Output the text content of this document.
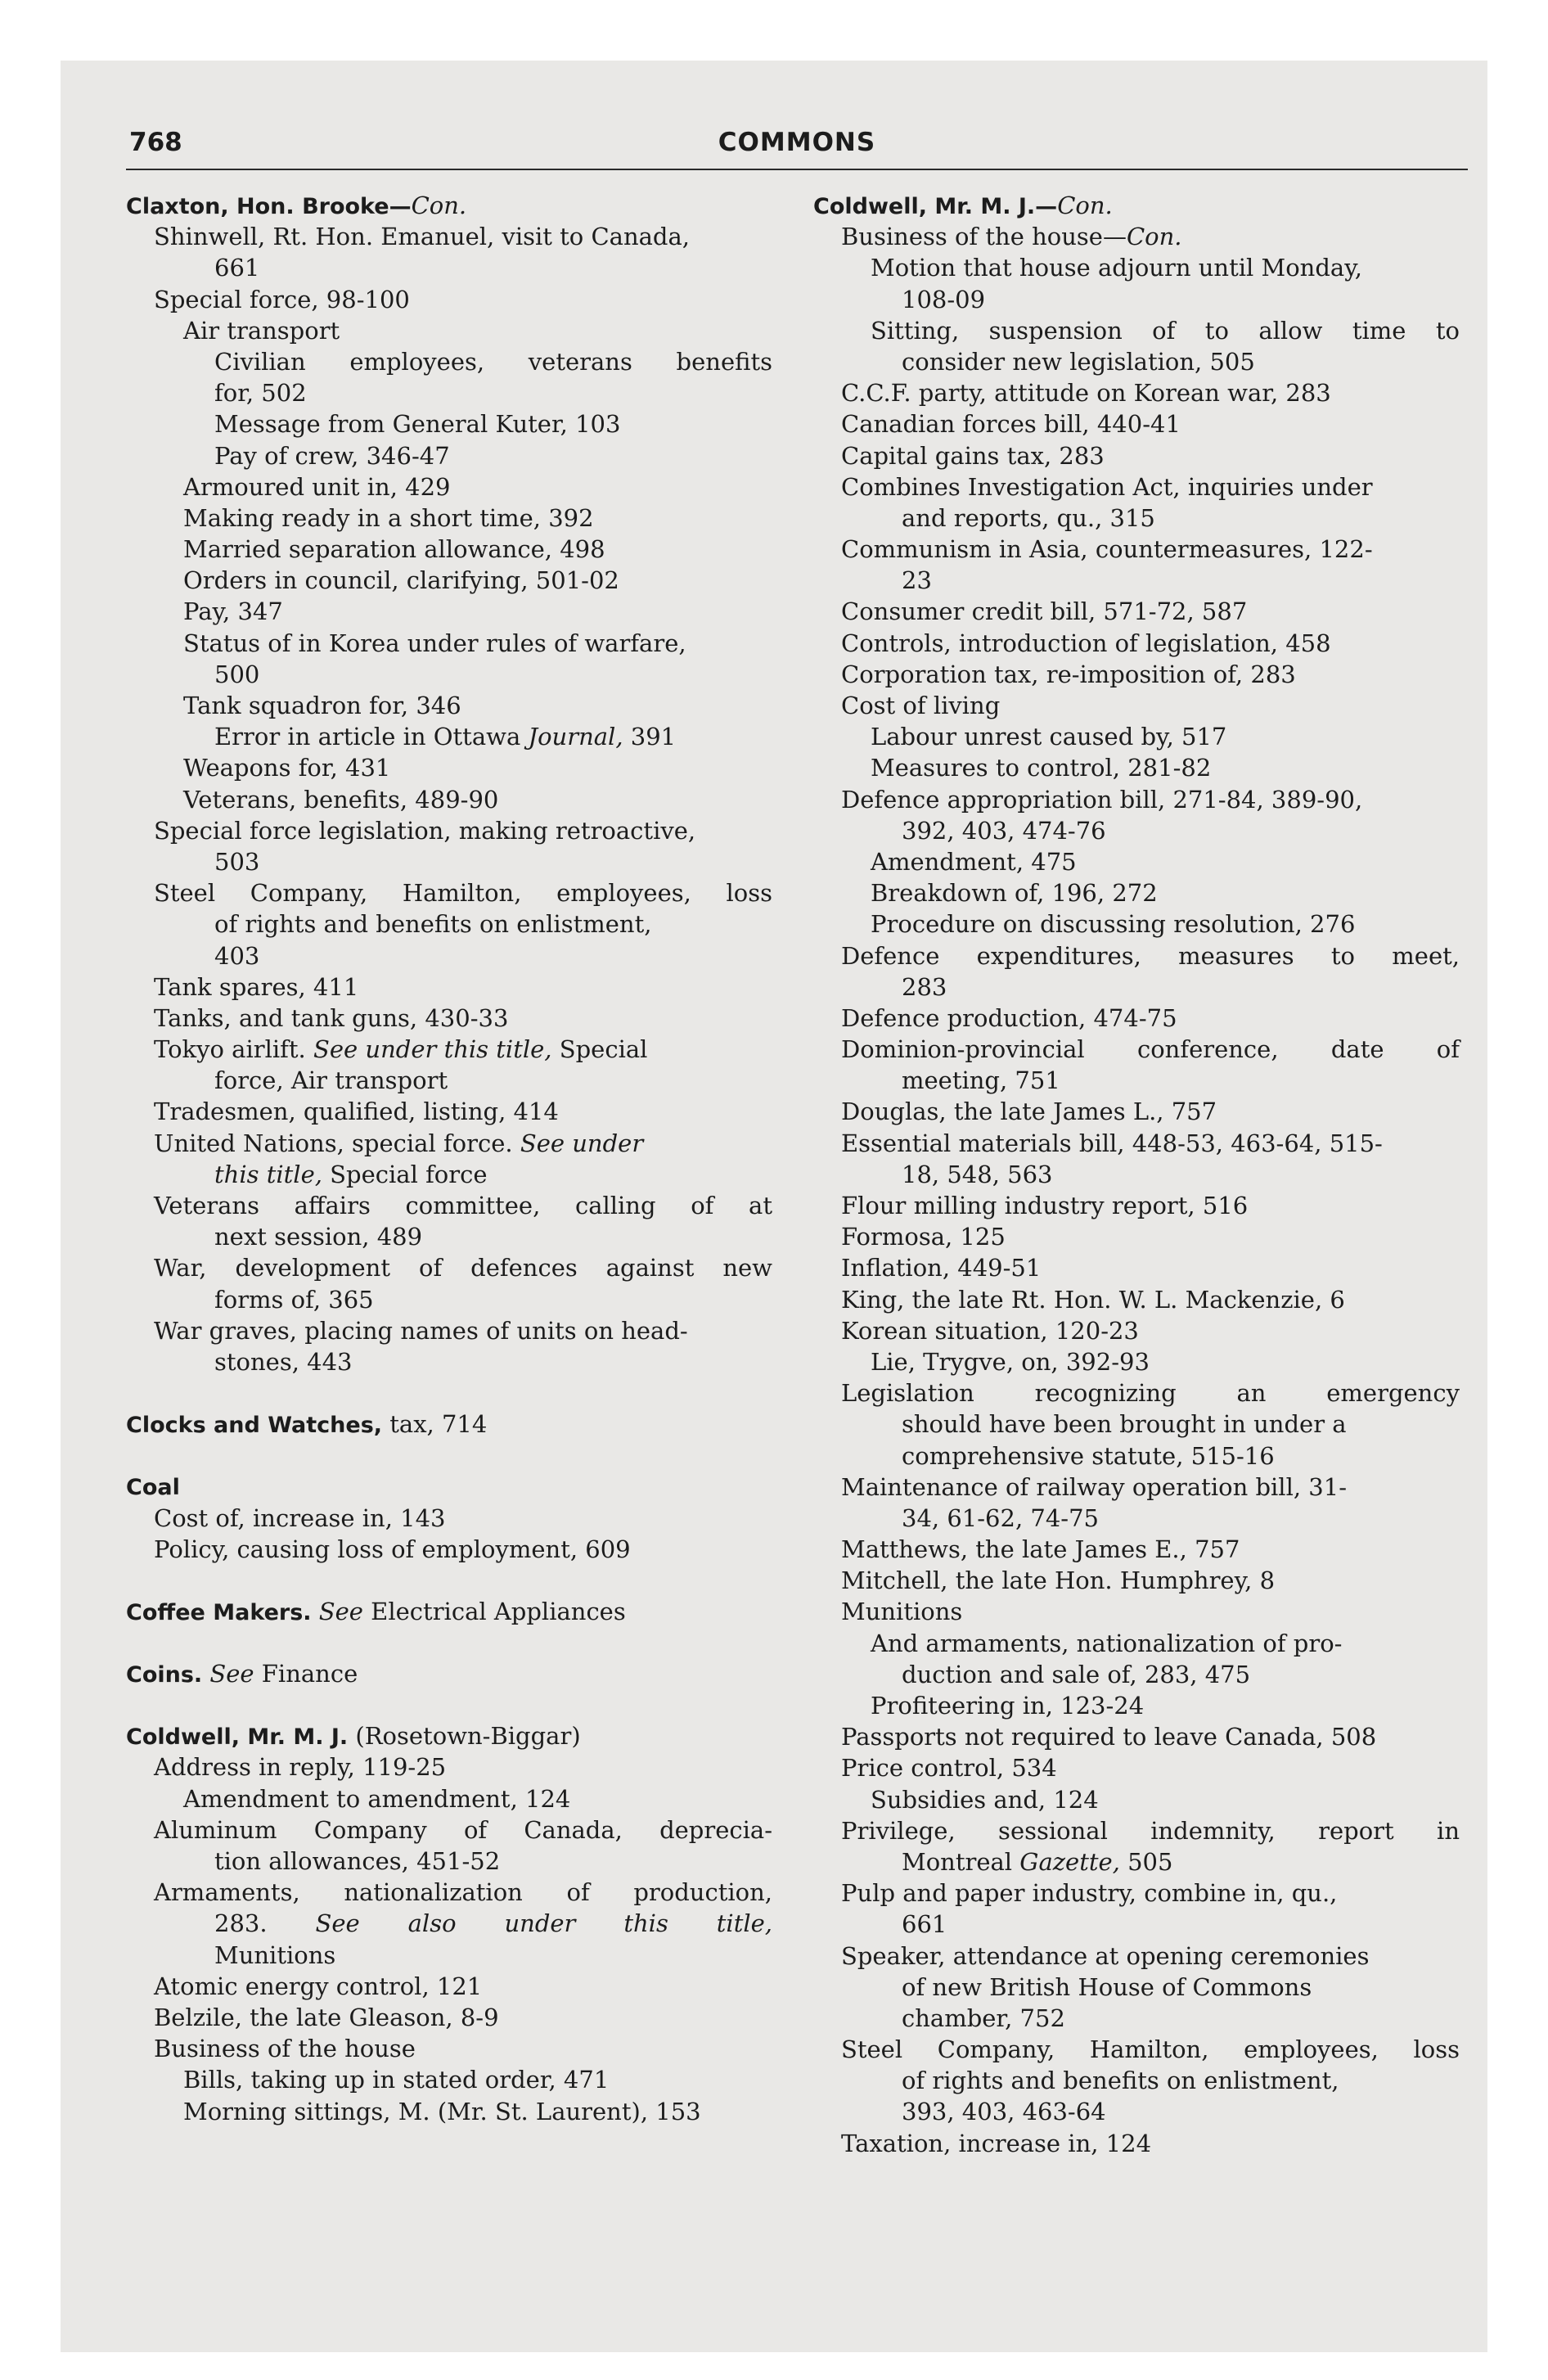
768	COMMONS
Claxton, Hon. Brooke—Con.
Shinwell, Rt. Hon. Emanuel, visit to Canada,
661
Special force, 98-100
Air transport
Civilian employees, veterans benefits
for, 502
Message from General Kuter, 103
Pay of crew, 346-47
Armoured unit in, 429
Making ready in a short time, 392
Married separation allowance, 498
Orders in council, clarifying, 501-02
Pay, 347
Status of in Korea under rules of warfare,
500
Tank squadron for, 346
Error in article in Ottawa Journal, 391
Weapons for, 431
Veterans, benefits, 489-90
Special force legislation, making retroactive,
503
Steel Company, Hamilton, employees, loss
of rights and benefits on enlistment,
403
Tank spares, 411
Tanks, and tank guns, 430-33
Tokyo airlift. See under this title, Special
force, Air transport
Tradesmen, qualified, listing, 414
United Nations, special force. See under
this title, Special force
Veterans affairs committee, calling of at
next session, 489
War, development of defences against new
forms of, 365
War graves, placing names of units on head-
stones, 443
Clocks and Watches, tax, 714
Coal
Cost of, increase in, 143
Policy, causing loss of employment, 609
Coffee Makers. See Electrical Appliances
Coins. See Finance
Coldwell, Mr. M. J. (Rosetown-Biggar)
Address in reply, 119-25
Amendment to amendment, 124
Aluminum Company of Canada, deprecia-
tion allowances, 451-52
Armaments, nationalization of production,
283. See also under this title,
Munitions
Atomic energy control, 121
Belzile, the late Gleason, 8-9
Business of the house
Bills, taking up in stated order, 471
Morning sittings, M. (Mr. St. Laurent), 153
Coldwell, Mr. M. J.—Con.
Business of the house—Con.
Motion that house adjourn until Monday,
108-09
Sitting, suspension of to allow time to
consider new legislation, 505
C.C.F. party, attitude on Korean war, 283
Canadian forces bill, 440-41
Capital gains tax, 283
Combines Investigation Act, inquiries under
and reports, qu., 315
Communism in Asia, countermeasures, 122-
23
Consumer credit bill, 571-72, 587
Controls, introduction of legislation, 458
Corporation tax, re-imposition of, 283
Cost of living
Labour unrest caused by, 517
Measures to control, 281-82
Defence appropriation bill, 271-84, 389-90,
392, 403, 474-76
Amendment, 475
Breakdown of, 196, 272
Procedure on discussing resolution, 276
Defence expenditures, measures to meet,
283
Defence production, 474-75
Dominion-provincial conference, date of
meeting, 751
Douglas, the late James L., 757
Essential materials bill, 448-53, 463-64, 515-
18, 548, 563
Flour milling industry report, 516
Formosa, 125
Inflation, 449-51
King, the late Rt. Hon. W. L. Mackenzie, 6
Korean situation, 120-23
Lie, Trygve, on, 392-93
Legislation recognizing an emergency
should have been brought in under a
comprehensive statute, 515-16
Maintenance of railway operation bill, 31-
34, 61-62, 74-75
Matthews, the late James E., 757
Mitchell, the late Hon. Humphrey, 8
Munitions
And armaments, nationalization of pro-
duction and sale of, 283, 475
Profiteering in, 123-24
Passports not required to leave Canada, 508
Price control, 534
Subsidies and, 124
Privilege, sessional indemnity, report in
Montreal Gazette, 505
Pulp and paper industry, combine in, qu.,
661
Speaker, attendance at opening ceremonies
of new British House of Commons
chamber, 752
Steel Company, Hamilton, employees, loss
of rights and benefits on enlistment,
393, 403, 463-64
Taxation, increase in, 124
